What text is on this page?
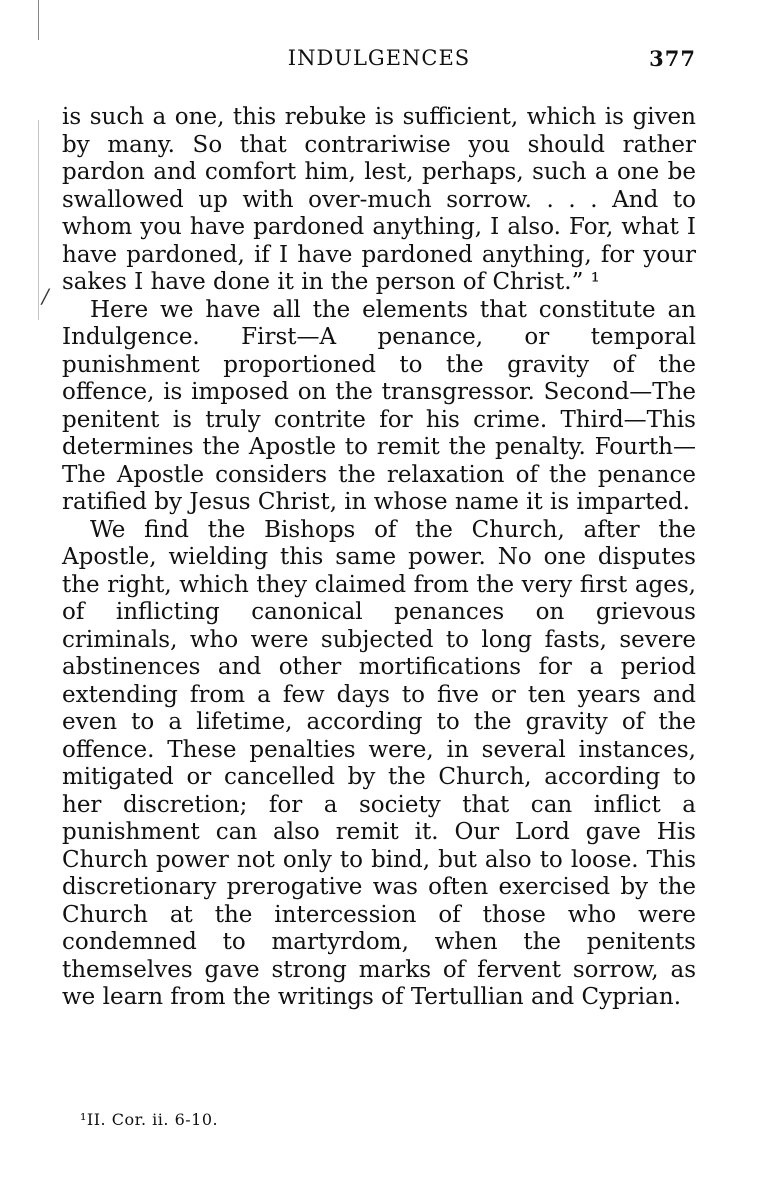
/
INDULGENCES	377

is such a one, this rebuke is sufficient, which is given by many. So that contrariwise you should rather pardon and comfort him, lest, perhaps, such a one be swallowed up with over-much sorrow. . . . And to whom you have pardoned anything, I also. For, what I have pardoned, if I have pardoned anything, for your sakes I have done it in the person of Christ.” ¹

Here we have all the elements that constitute an Indulgence. First—A penance, or temporal punishment proportioned to the gravity of the offence, is imposed on the transgressor. Second—The penitent is truly contrite for his crime. Third—This determines the Apostle to remit the penalty. Fourth—The Apostle considers the relaxation of the penance ratified by Jesus Christ, in whose name it is imparted.

We find the Bishops of the Church, after the Apostle, wielding this same power. No one disputes the right, which they claimed from the very first ages, of inflicting canonical penances on grievous criminals, who were subjected to long fasts, severe abstinences and other mortifications for a period extending from a few days to five or ten years and even to a lifetime, according to the gravity of the offence. These penalties were, in several instances, mitigated or cancelled by the Church, according to her discretion; for a society that can inflict a punishment can also remit it. Our Lord gave His Church power not only to bind, but also to loose. This discretionary prerogative was often exercised by the Church at the intercession of those who were condemned to martyrdom, when the penitents themselves gave strong marks of fervent sorrow, as we learn from the writings of Tertullian and Cyprian.

¹II. Cor. ii. 6-10.
